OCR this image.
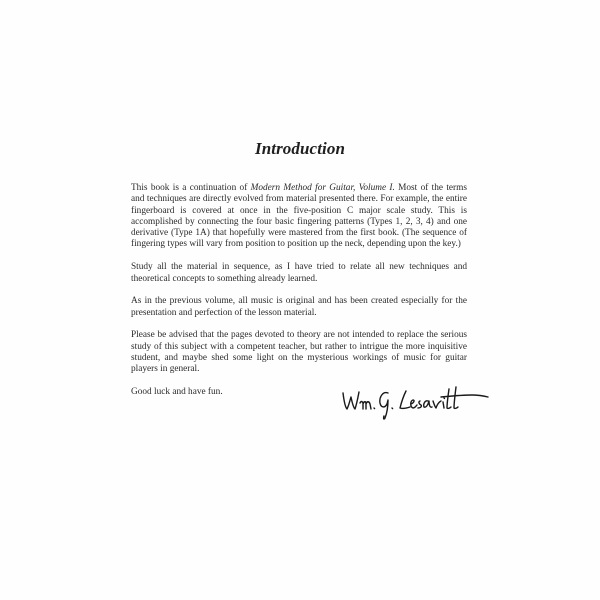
Introduction

This book is a continuation of Modern Method for Guitar, Volume I. Most of the terms and techniques are directly evolved from material presented there. For example, the entire fingerboard is covered at once in the five-position C major scale study. This is accomplished by connecting the four basic fingering patterns (Types 1, 2, 3, 4) and one derivative (Type 1A) that hopefully were mastered from the first book. (The sequence of fingering types will vary from position to position up the neck, depending upon the key.)

Study all the material in sequence, as I have tried to relate all new techniques and theoretical concepts to something already learned.

As in the previous volume, all music is original and has been created especially for the presentation and perfection of the lesson material.

Please be advised that the pages devoted to theory are not intended to replace the serious study of this subject with a competent teacher, but rather to intrigue the more inquisitive student, and maybe shed some light on the mysterious workings of music for guitar players in general.

Good luck and have fun.
